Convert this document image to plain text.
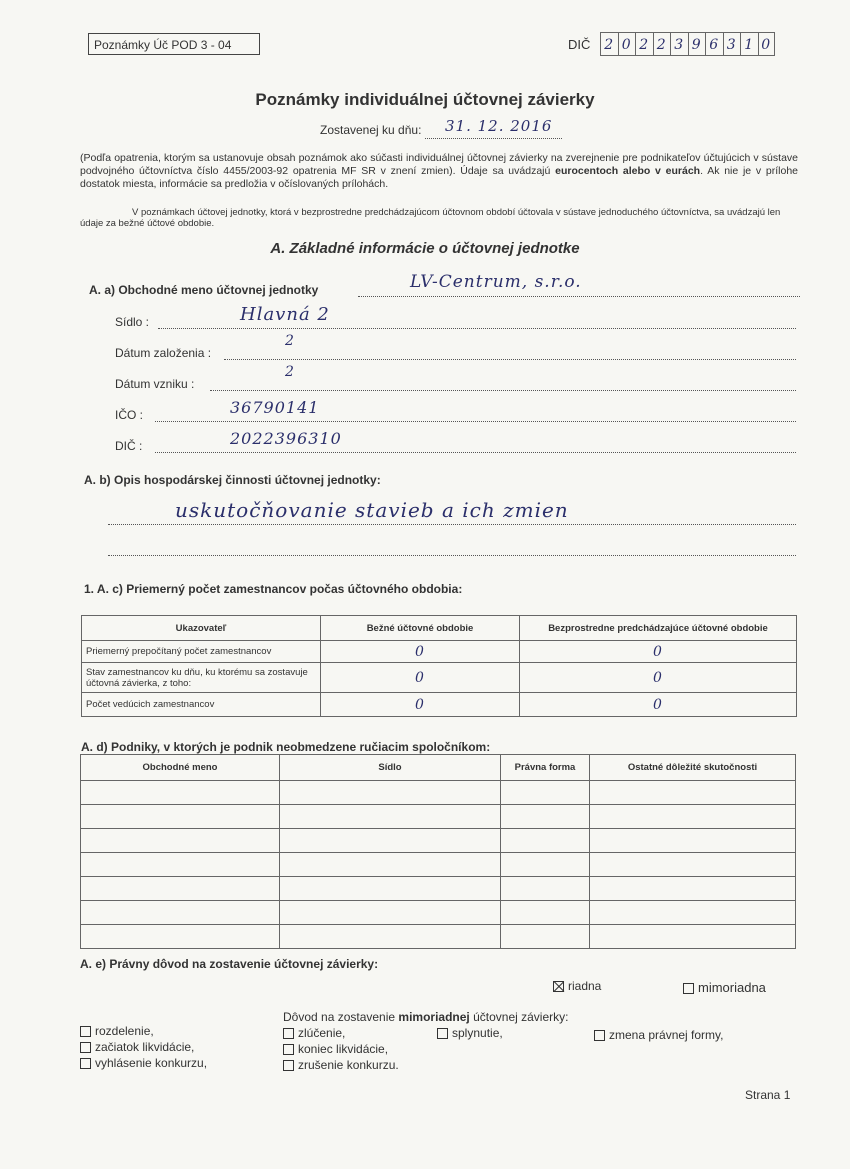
Poznámky Úč POD 3 - 04	DIČ 2 0 2 2 3 9 6 3 1 0
Poznámky individuálnej účtovnej závierky
Zostavenej ku dňu: 31. 12. 2016
(Podľa opatrenia, ktorým sa ustanovuje obsah poznámok ako súčasti individuálnej účtovnej závierky na zverejnenie pre podnikateľov účtujúcich v sústave podvojného účtovníctva číslo 4455/2003-92 opatrenia MF SR v znení zmien). Údaje sa uvádzajú eurocentoch alebo v eurách. Ak nie je v prílohe dostatok miesta, informácie sa predložia v očíslovaných prílohách.
V poznámkach účtovej jednotky, ktorá v bezprostredne predchádzajúcom účtovnom období účtovala v sústave jednoduchého účtovníctva, sa uvádzajú len údaje za bežné účtové obdobie.
A. Základné informácie o účtovnej jednotke
A. a) Obchodné meno účtovnej jednotky	LV-Centrum, s.r.o.
Sídlo :	Hlavná 2
Dátum založenia :
2
Dátum vzniku :
2
IČO :	36790141
DIČ :	2022396310
A. b) Opis hospodárskej činnosti účtovnej jednotky:
uskutočňovanie stavieb a ich zmien
1. A. c) Priemerný počet zamestnancov počas účtovného obdobia:
Ukazovateľ	Bežné účtovné obdobie	Bezprostredne predchádzajúce účtovné obdobie
Priemerný prepočítaný počet zamestnancov	0	0
Stav zamestnancov ku dňu, ku ktorému sa zostavuje účtovná závierka, z toho:	0	0
Počet vedúcich zamestnancov	0	0
A. d) Podniky, v ktorých je podnik neobmedzene ručiacim spoločníkom:
Obchodné meno	Sídlo	Právna forma	Ostatné dôležité skutočnosti

A. e) Právny dôvod na zostavenie účtovnej závierky:
riadna	mimoriadna
Dôvod na zostavenie mimoriadnej účtovnej závierky:
rozdelenie,
začiatok likvidácie,
vyhlásenie konkurzu,
zlúčenie,
koniec likvidácie,
zrušenie konkurzu.
splynutie,	zmena právnej formy,
Strana 1
